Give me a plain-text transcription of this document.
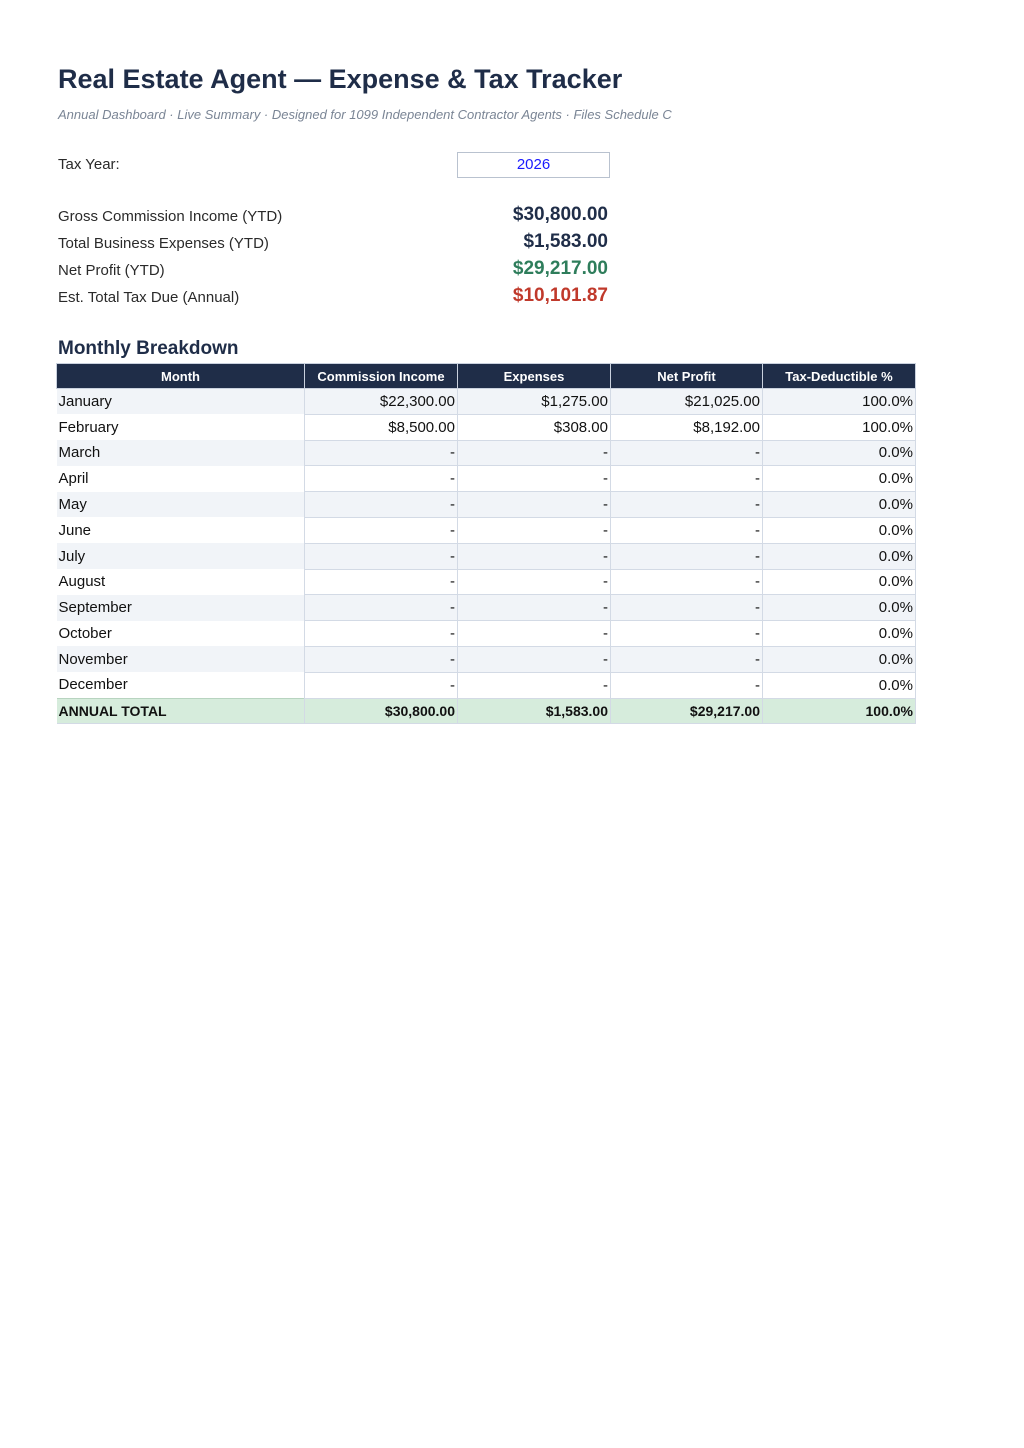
Real Estate Agent — Expense & Tax Tracker
Annual Dashboard · Live Summary · Designed for 1099 Independent Contractor Agents · Files Schedule C
Tax Year:	2026
Gross Commission Income (YTD)	$30,800.00
Total Business Expenses (YTD)	$1,583.00
Net Profit (YTD)	$29,217.00
Est. Total Tax Due (Annual)	$10,101.87
Monthly Breakdown
Month	Commission Income	Expenses	Net Profit	Tax-Deductible %
January	$22,300.00	$1,275.00	$21,025.00	100.0%
February	$8,500.00	$308.00	$8,192.00	100.0%
March	-	-	-	0.0%
April	-	-	-	0.0%
May	-	-	-	0.0%
June	-	-	-	0.0%
July	-	-	-	0.0%
August	-	-	-	0.0%
September	-	-	-	0.0%
October	-	-	-	0.0%
November	-	-	-	0.0%
December	-	-	-	0.0%
ANNUAL TOTAL	$30,800.00	$1,583.00	$29,217.00	100.0%
